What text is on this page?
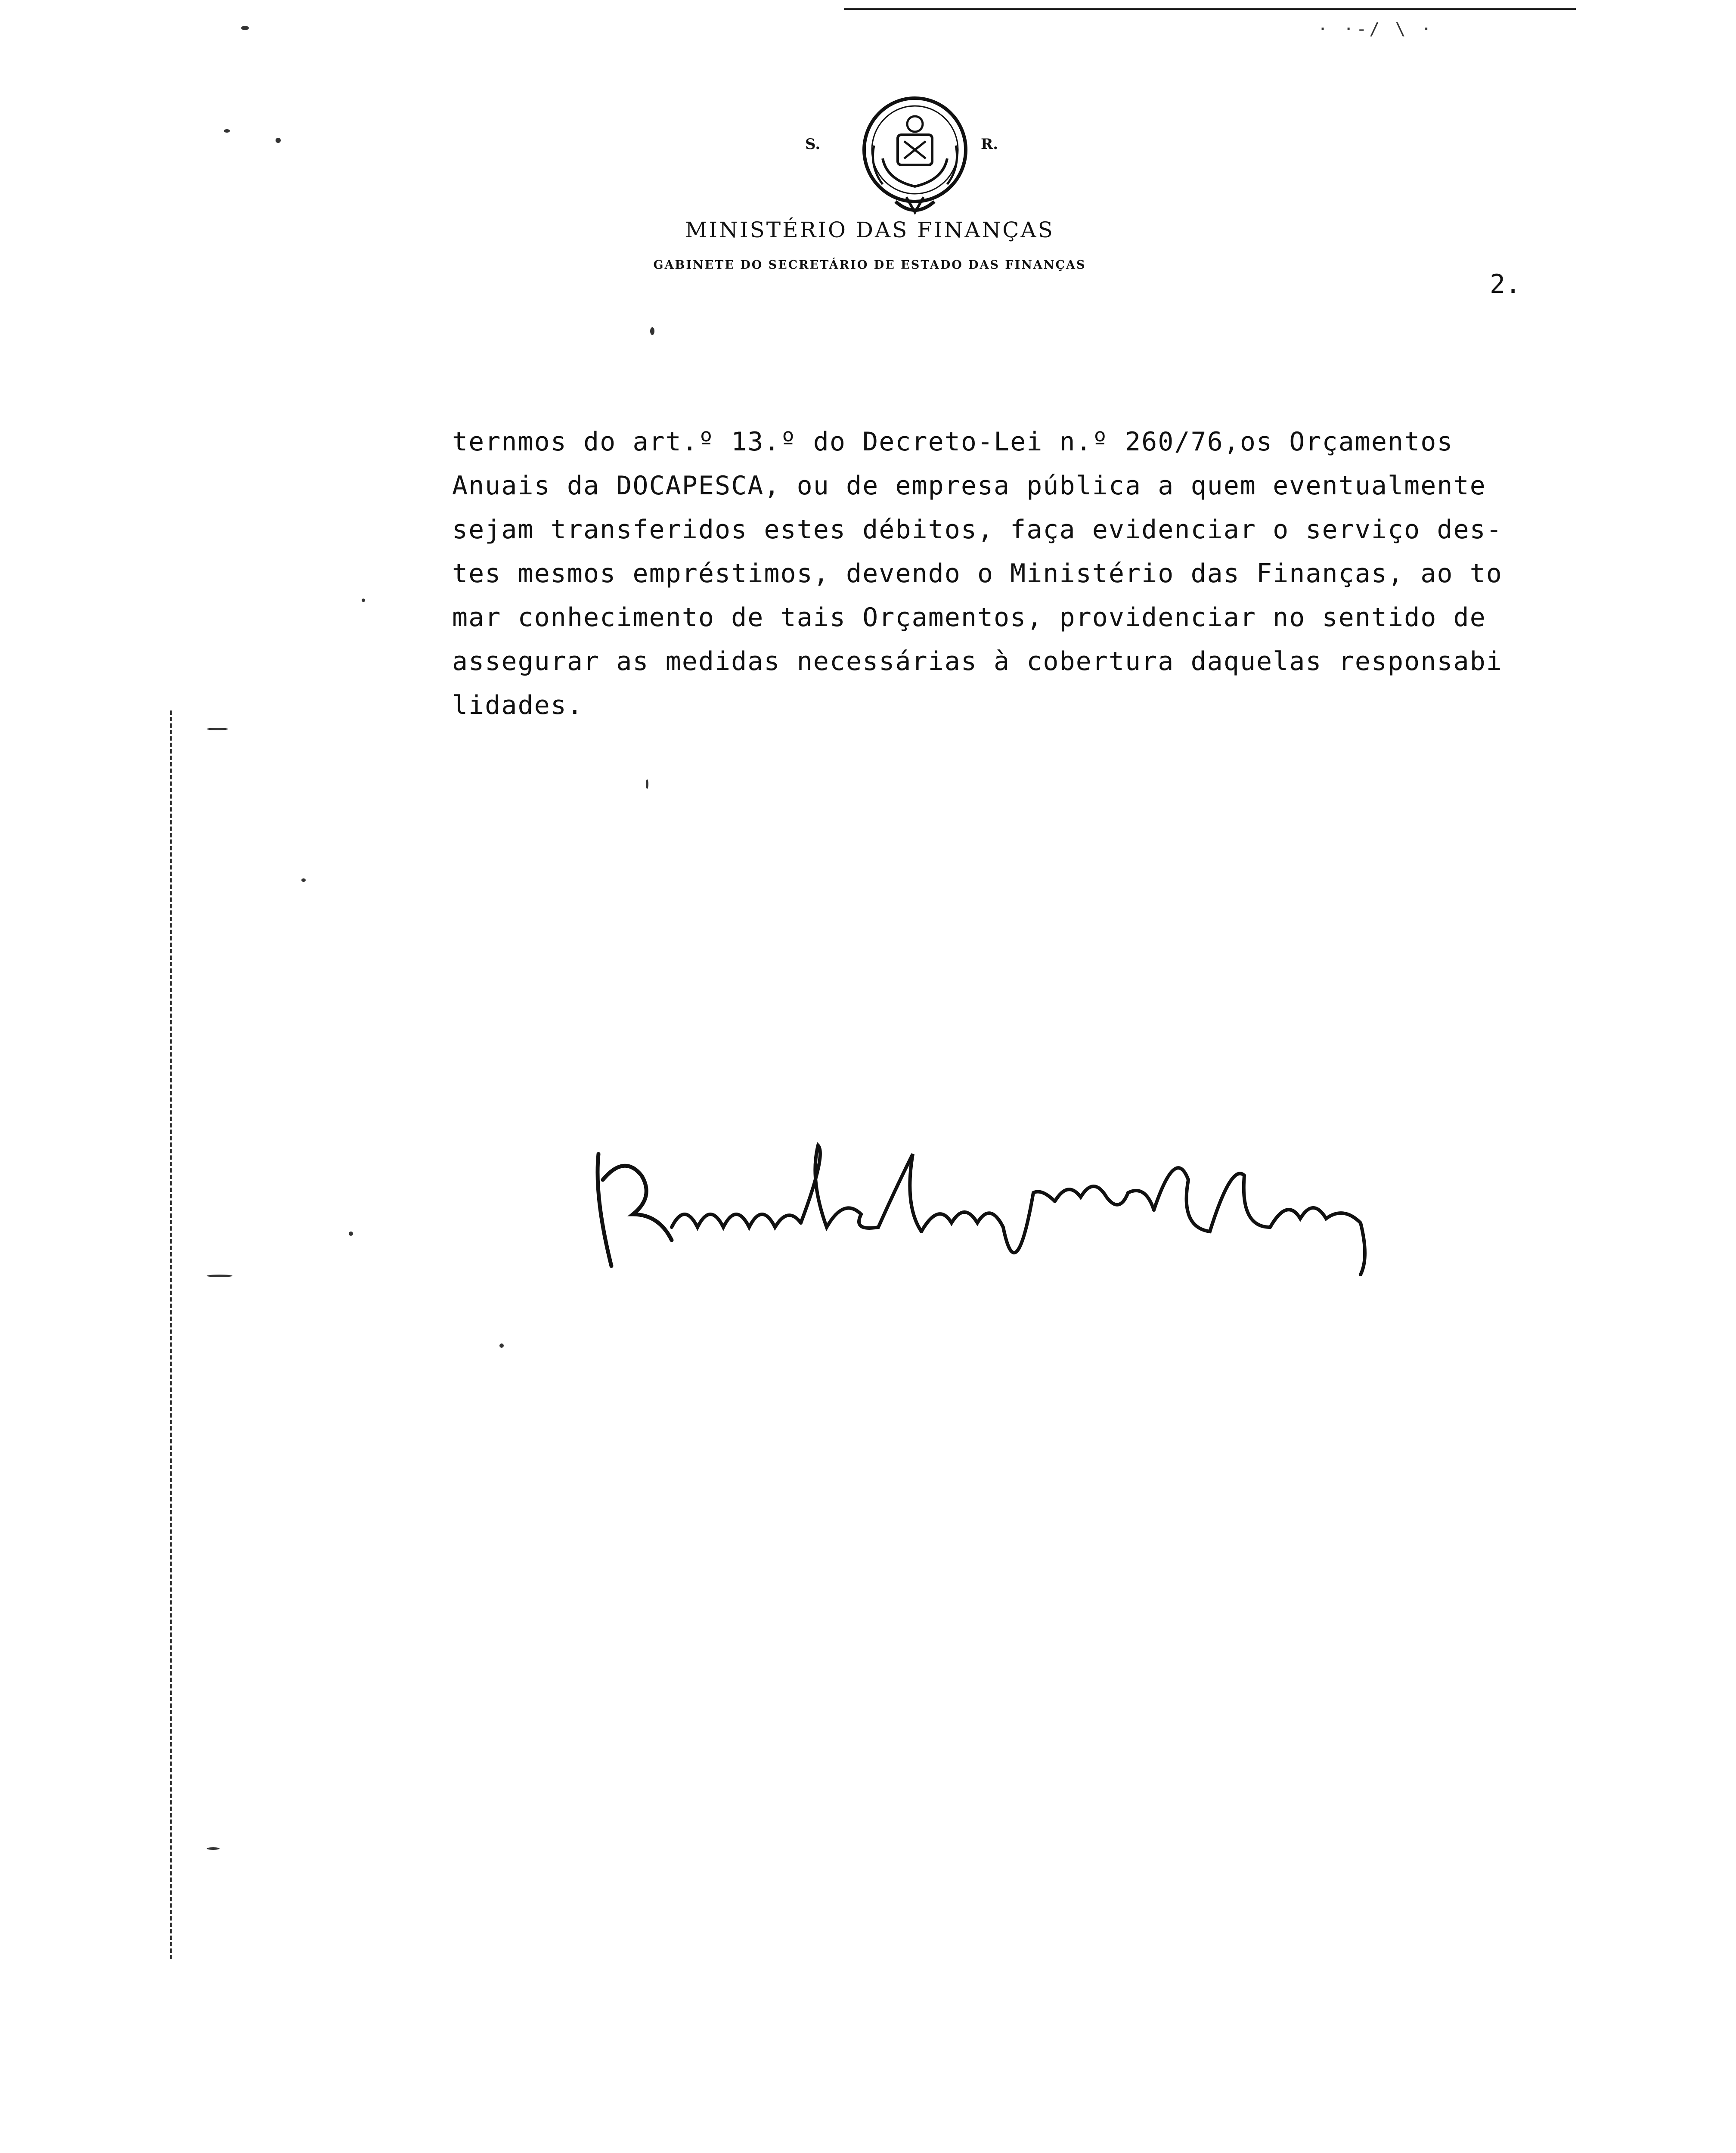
· ·-/ \ ·
S.	R.
MINISTÉRIO DAS FINANÇAS
GABINETE DO SECRETÁRIO DE ESTADO DAS FINANÇAS
2.
ternmos do art.º 13.º do Decreto-Lei n.º 260/76,os Orçamentos
Anuais da DOCAPESCA, ou de empresa pública a quem eventualmente
sejam transferidos estes débitos, faça evidenciar o serviço des-
tes mesmos empréstimos, devendo o Ministério das Finanças, ao to
mar conhecimento de tais Orçamentos, providenciar no sentido de
assegurar as medidas necessárias à cobertura daquelas responsabi
lidades.
